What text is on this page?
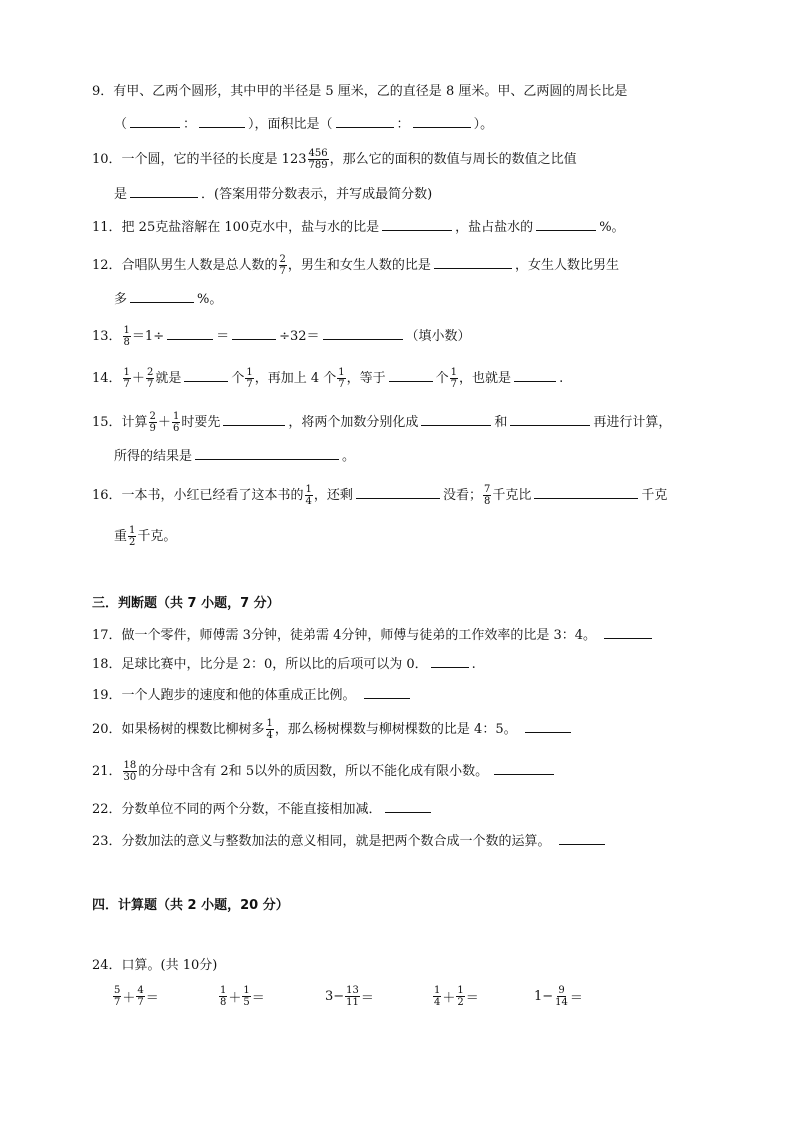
9．有甲、乙两个圆形，其中甲的半径是 5 厘米，乙的直径是 8 厘米。甲、乙两圆的周长比是
（	：	），面积比是（	：	）。
10．一个圆，它的半径的长度是 $123 \frac{456}{789}$ ，那么它的面积的数值与周长的数值之比值
是	．(答案用带分数表示，并写成最简分数)
11．把 25克盐溶解在 100克水中，盐与水的比是	，盐占盐水的	%。
12．合唱队男生人数是总人数的 $\frac{2}{7}$ ，男生和女生人数的比是	，女生人数比男生
多	%。
13． $\frac{1}{8} =1\div$	＝	÷32＝	（填小数）
14． $\frac{1}{7} + \frac{2}{7}$ 就是	个 $\frac{1}{7}$ ，再加上 4 个 $\frac{1}{7}$ ，等于	个 $\frac{1}{7}$ ，也就是	.
15．计算 $\frac{2}{9} + \frac{1}{6}$ 时要先	，将两个加数分别化成	和	再进行计算，
所得的结果是	。
16．一本书，小红已经看了这本书的 $\frac{1}{4}$ ，还剩	没看； $\frac{7}{8}$ 千克比	千克
重 $\frac{1}{2}$ 千克。
三．判断题（共 7 小题，7 分）
17．做一个零件，师傅需 3分钟，徒弟需 4分钟，师傅与徒弟的工作效率的比是 3：4。
18．足球比赛中，比分是 2：0，所以比的后项可以为 0．	.
19．一个人跑步的速度和他的体重成正比例。
20．如果杨树的棵数比柳树多 $\frac{1}{4}$ ，那么杨树棵数与柳树棵数的比是 4：5。
21． $\frac{18}{30}$ 的分母中含有 2和 5以外的质因数，所以不能化成有限小数。
22．分数单位不同的两个分数，不能直接相加减．
23．分数加法的意义与整数加法的意义相同，就是把两个数合成一个数的运算。
四．计算题（共 2 小题，20 分）
24．口算。(共 10分)
$\frac{5}{7} + \frac{4}{7}$ ＝	$\frac{1}{8} + \frac{1}{5}$ ＝	$3- \frac{13}{11}$ ＝	$\frac{1}{4} + \frac{1}{2}$ ＝	$1- \frac{9}{14}$ ＝
